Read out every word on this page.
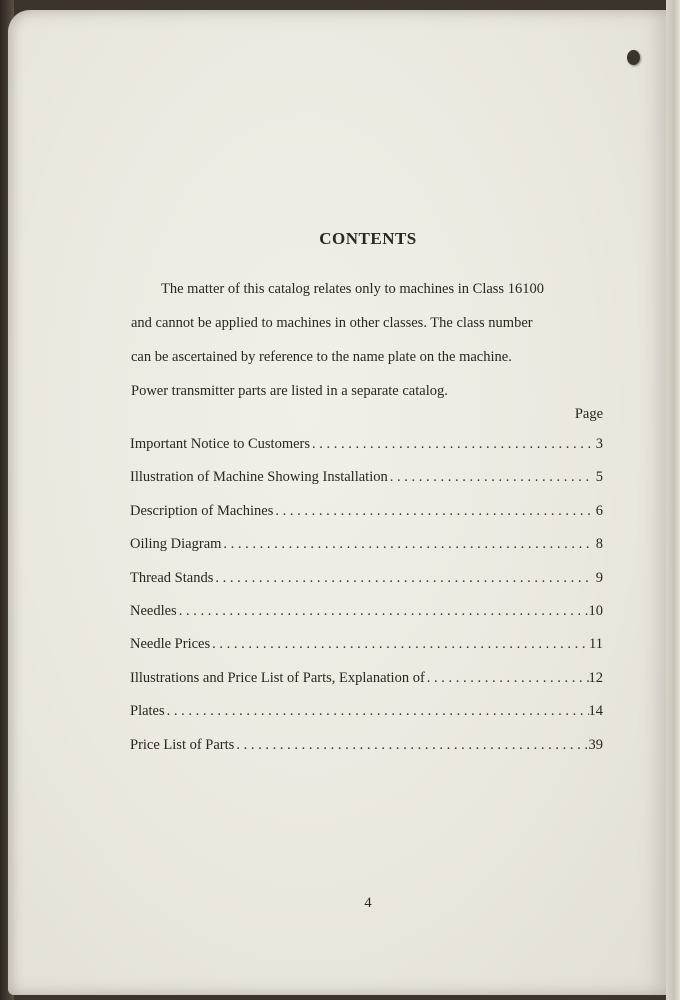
CONTENTS
The matter of this catalog relates only to machines in Class 16100
and cannot be applied to machines in other classes. The class number
can be ascertained by reference to the name plate on the machine.
Power transmitter parts are listed in a separate catalog.
Page
Important Notice to Customers . . .	3
Illustration of Machine Showing Installation . . .	5
Description of Machines . . .	6
Oiling Diagram . . .	8
Thread Stands . . .	9
Needles . . .	10
Needle Prices . . .	11
Illustrations and Price List of Parts, Explanation of . . .	12
Plates . . .	14
Price List of Parts . . .	39
4
